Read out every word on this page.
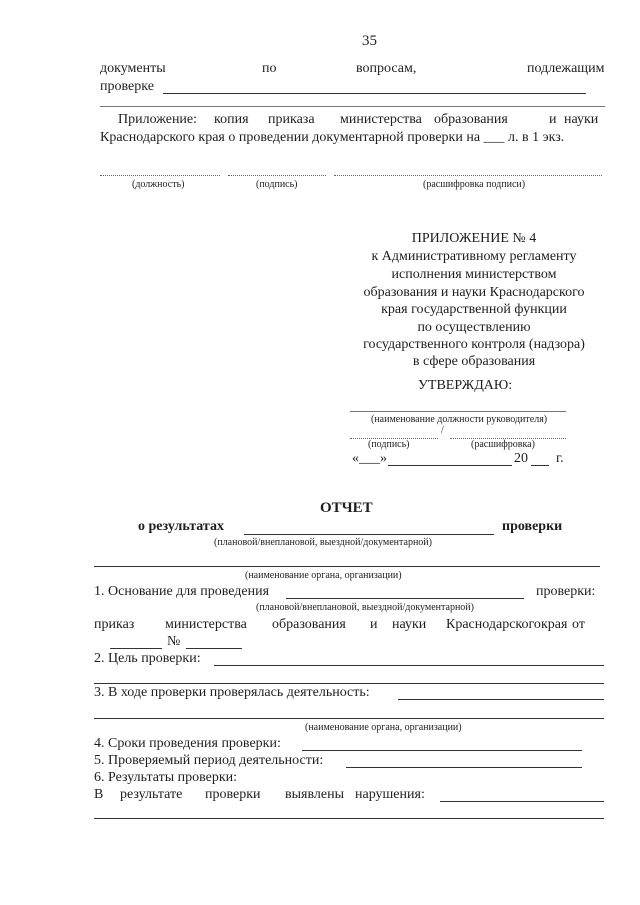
35
документы	по	вопросам,	подлежащим
проверке
Приложение: копия приказа министерства образования	и науки
Краснодарского края о проведении документарной проверки на ___ л. в 1 экз.
(должность)	(подпись)	(расшифровка подписи)
ПРИЛОЖЕНИЕ № 4
к Административному регламенту
исполнения министерством
образования и науки Краснодарского
края государственной функции
по осуществлению
государственного контроля (надзора)
в сфере образования
УТВЕРЖДАЮ:
(наименование должности руководителя)
/
(подпись)	(расшифровка)
«___»	20 г.
ОТЧЕТ
о результатах	проверки
(плановой/внеплановой, выездной/документарной)
(наименование органа, организации)
1. Основание для проведения	проверки:
(плановой/внеплановой, выездной/документарной)
приказ министерства образования и науки Краснодарского края от
№
2. Цель проверки:
3. В ходе проверки проверялась деятельность:
(наименование органа, организации)
4. Сроки проведения проверки:
5. Проверяемый период деятельности:
6. Результаты проверки:
В результате проверки выявлены нарушения:
